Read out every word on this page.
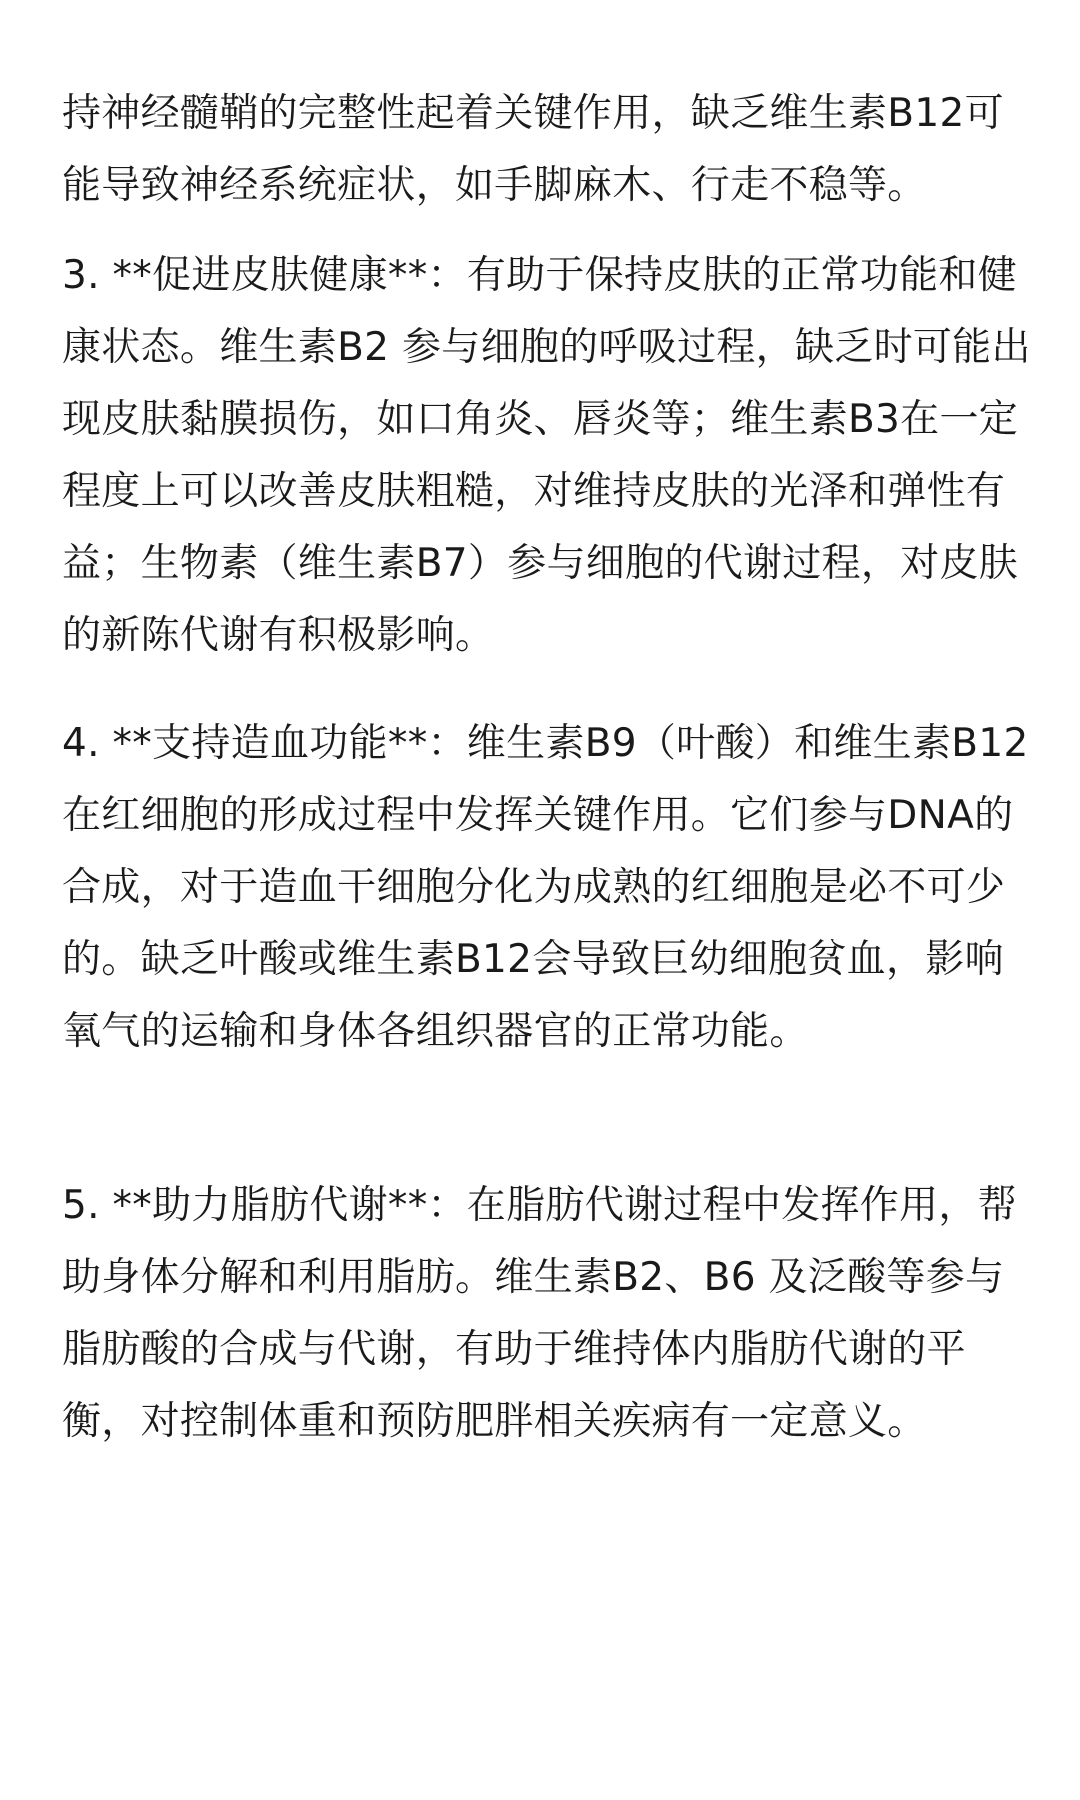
持神经髓鞘的完整性起着关键作用，缺乏维生素B12可能导致神经系统症状，如手脚麻木、行走不稳等。

3. **促进皮肤健康**：有助于保持皮肤的正常功能和健康状态。维生素B2 参与细胞的呼吸过程，缺乏时可能出现皮肤黏膜损伤，如口角炎、唇炎等；维生素B3在一定程度上可以改善皮肤粗糙，对维持皮肤的光泽和弹性有益；生物素（维生素B7）参与细胞的代谢过程，对皮肤的新陈代谢有积极影响。

4. **支持造血功能**：维生素B9（叶酸）和维生素B12在红细胞的形成过程中发挥关键作用。它们参与DNA的合成，对于造血干细胞分化为成熟的红细胞是必不可少的。缺乏叶酸或维生素B12会导致巨幼细胞贫血，影响氧气的运输和身体各组织器官的正常功能。

5. **助力脂肪代谢**：在脂肪代谢过程中发挥作用，帮助身体分解和利用脂肪。维生素B2、B6 及泛酸等参与脂肪酸的合成与代谢，有助于维持体内脂肪代谢的平衡，对控制体重和预防肥胖相关疾病有一定意义。
